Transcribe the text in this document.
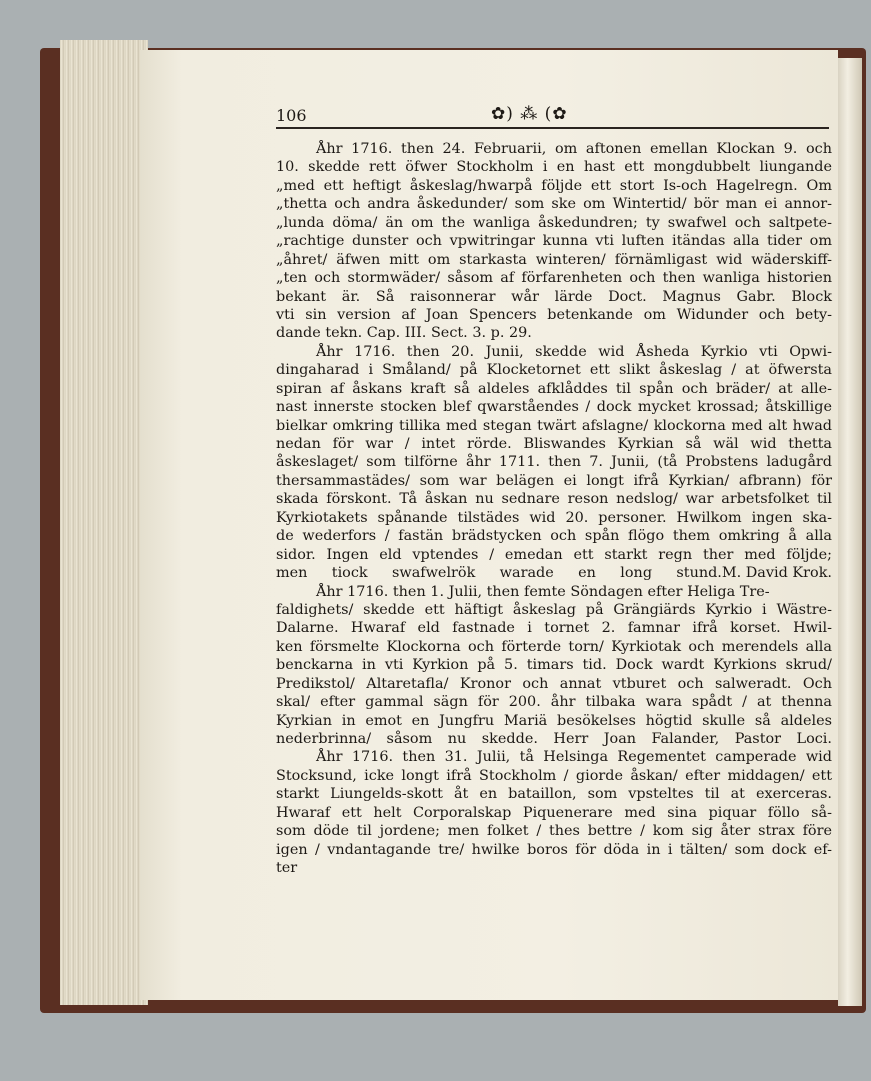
106	✿) ⁂ (✿
Åhr 1716. then 24. Februarii, om aftonen emellan Klockan 9. och
10. skedde rett öfwer Stockholm i en hast ett mongdubbelt liungande
„med ett heftigt åskeslag/hwarpå följde ett stort Is-och Hagelregn. Om
„thetta och andra åskedunder/ som ske om Wintertid/ bör man ei annor-
„lunda döma/ än om the wanliga åskedundren; ty swafwel och saltpete-
„rachtige dunster och vpwitringar kunna vti luften itändas alla tider om
„åhret/ äfwen mitt om starkasta winteren/ förnämligast wid wäderskiff-
„ten och stormwäder/ såsom af förfarenheten och then wanliga historien
bekant är. Så raisonnerar wår lärde Doct. Magnus Gabr. Block
vti sin version af Joan Spencers betenkande om Widunder och bety-
dande tekn. Cap. III. Sect. 3. p. 29.
Åhr 1716. then 20. Junii, skedde wid Åsheda Kyrkio vti Opwi-
dingaharad i Småland/ på Klocketornet ett slikt åskeslag / at öfwersta
spiran af åskans kraft så aldeles afklåddes til spån och bräder/ at alle-
nast innerste stocken blef qwarståendes / dock mycket krossad; åtskillige
bielkar omkring tillika med stegan twärt afslagne/ klockorna med alt hwad
nedan för war / intet rörde. Bliswandes Kyrkian så wäl wid thetta
åskeslaget/ som tilförne åhr 1711. then 7. Junii, (tå Probstens ladugård
thersammastädes/ som war belägen ei longt ifrå Kyrkian/ afbrann) för
skada förskont. Tå åskan nu sednare reson nedslog/ war arbetsfolket til
Kyrkiotakets spånande tilstädes wid 20. personer. Hwilkom ingen ska-
de wederfors / fastän brädstycken och spån flögo them omkring å alla
sidor. Ingen eld vptendes / emedan ett starkt regn ther med följde;
men tiock swafwelrök warade en long stund. M. David Krok.
Åhr 1716. then 1. Julii, then femte Söndagen efter Heliga Tre-
faldighets/ skedde ett häftigt åskeslag på Grängiärds Kyrkio i Wästre-
Dalarne. Hwaraf eld fastnade i tornet 2. famnar ifrå korset. Hwil-
ken försmelte Klockorna och förterde torn/ Kyrkiotak och merendels alla
benckarna in vti Kyrkion på 5. timars tid. Dock wardt Kyrkions skrud/
Predikstol/ Altaretafla/ Kronor och annat vtburet och salweradt. Och
skal/ efter gammal sägn för 200. åhr tilbaka wara spådt / at thenna
Kyrkian in emot en Jungfru Mariä besökelses högtid skulle så aldeles
nederbrinna/ såsom nu skedde. Herr Joan Falander, Pastor Loci.
Åhr 1716. then 31. Julii, tå Helsinga Regementet camperade wid
Stocksund, icke longt ifrå Stockholm / giorde åskan/ efter middagen/ ett
starkt Liungelds-skott åt en bataillon, som vpsteltes til at exerceras.
Hwaraf ett helt Corporalskap Piquenerare med sina piquar föllo så-
som döde til jordene; men folket / thes bettre / kom sig åter strax före
igen / vndantagande tre/ hwilke boros för döda in i tälten/ som dock ef-
ter
